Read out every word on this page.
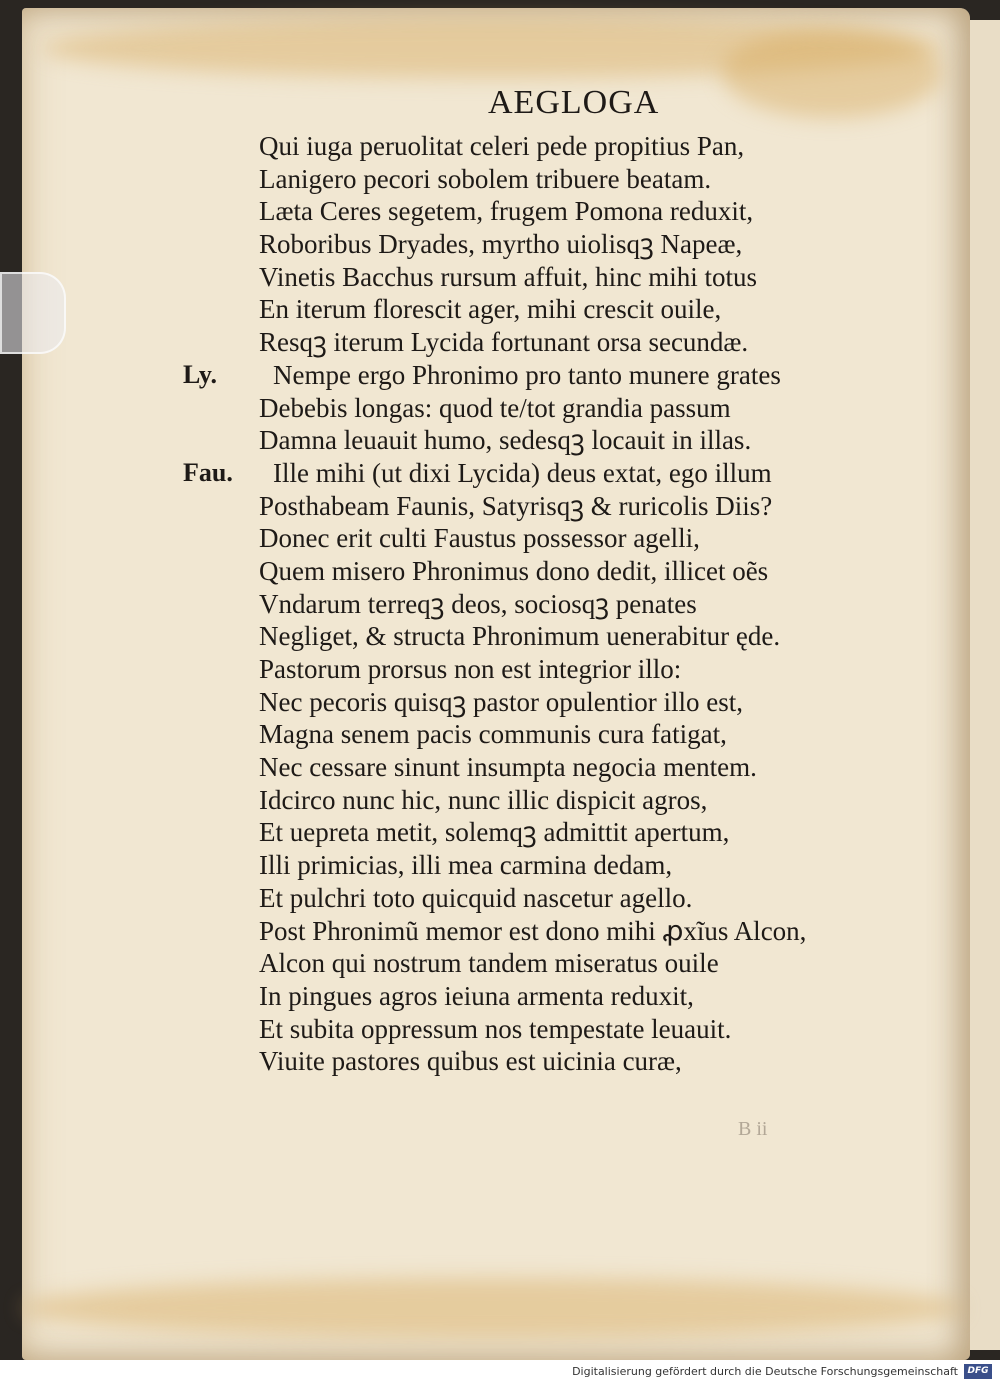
AEGLOGA
Qui iuga peruolitat celeri pede propitius Pan,
Lanigero pecori sobolem tribuere beatam.
Læta Ceres segetem, frugem Pomona reduxit,
Roboribus Dryades, myrtho uiolisqꝫ Napeæ,
Vinetis Bacchus rursum affuit, hinc mihi totus
En iterum florescit ager, mihi crescit ouile,
Resqꝫ iterum Lycida fortunant orsa secundæ.
Ly. Nempe ergo Phronimo pro tanto munere grates
Debebis longas: quod te/tot grandia passum
Damna leuauit humo, sedesqꝫ locauit in illas.
Fau. Ille mihi (ut dixi Lycida) deus extat, ego illum
Posthabeam Faunis, Satyrisqꝫ & ruricolis Diis?
Donec erit culti Faustus possessor agelli,
Quem misero Phronimus dono dedit, illicet oẽs
Vndarum terreqꝫ deos, sociosqꝫ penates
Negliget, & structa Phronimum uenerabitur ęde.
Pastorum prorsus non est integrior illo:
Nec pecoris quisqꝫ pastor opulentior illo est,
Magna senem pacis communis cura fatigat,
Nec cessare sinunt insumpta negocia mentem.
Idcirco nunc hic, nunc illic dispicit agros,
Et uepreta metit, solemqꝫ admittit apertum,
Illi primicias, illi mea carmina dedam,
Et pulchri toto quicquid nascetur agello.
Post Phronimũ memor est dono mihi ꝓxĩus Alcon,
Alcon qui nostrum tandem miseratus ouile
In pingues agros ieiuna armenta reduxit,
Et subita oppressum nos tempestate leuauit.
Viuite pastores quibus est uicinia curæ,
B ii
Digitalisierung gefördert durch die Deutsche Forschungsgemeinschaft	DFG
